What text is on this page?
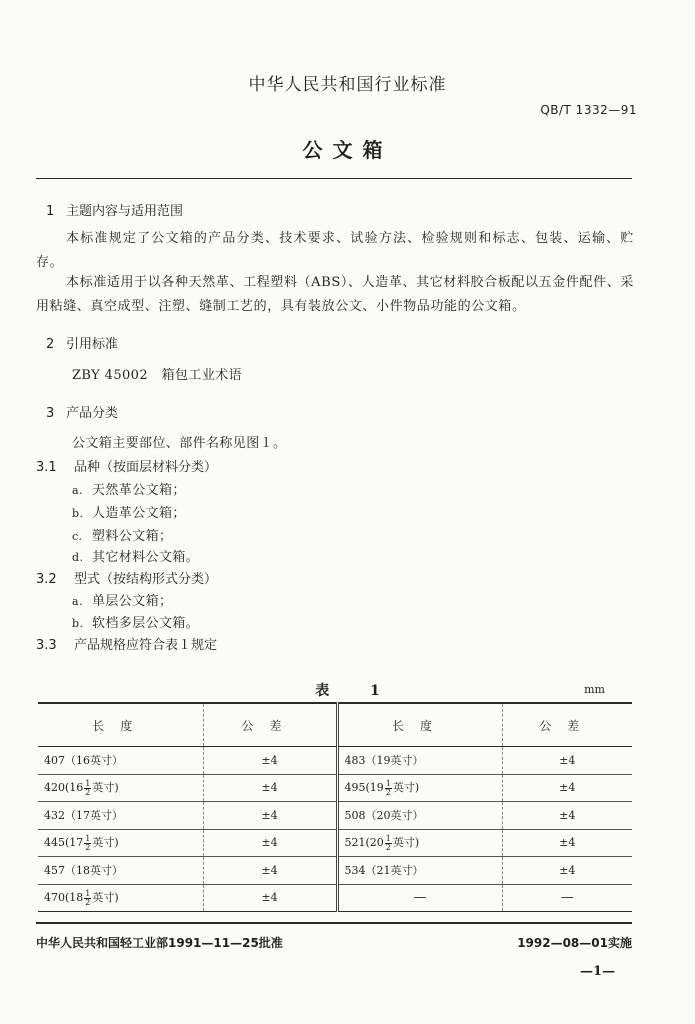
中华人民共和国行业标准
QB/T 1332—91
公文箱
1 主题内容与适用范围
本标准规定了公文箱的产品分类、技术要求、试验方法、检验规则和标志、包装、运输、贮存。
本标准适用于以各种天然革、工程塑料（ABS）、人造革、其它材料胶合板配以五金件配件、采用粘缝、真空成型、注塑、缝制工艺的，具有装放公文、小件物品功能的公文箱。
2 引用标准
ZBY 45002   箱包工业术语
3 产品分类
公文箱主要部位、部件名称见图１。
3.1 品种（按面层材料分类）
a. 天然革公文箱；
b. 人造革公文箱；
c. 塑料公文箱；
d. 其它材料公文箱。
3.2 型式（按结构形式分类）
a. 单层公文箱；
b. 软档多层公文箱。
3.3 产品规格应符合表１规定
表 1	mm
长度	公差	长度	公差
407（16英寸）	±4	483（19英寸）	±4
$420(16 \frac{1}{2}$ 英寸)	±4	$495(19 \frac{1}{2}$ 英寸)	±4
432（17英寸）	±4	508（20英寸）	±4
$445(17 \frac{1}{2}$ 英寸)	±4	$521(20 \frac{1}{2}$ 英寸)	±4
457（18英寸）	±4	534（21英寸）	±4
$470(18 \frac{1}{2}$ 英寸)	±4	—	—
中华人民共和国轻工业部1991—11—25批准	1992—08—01实施
—1—
